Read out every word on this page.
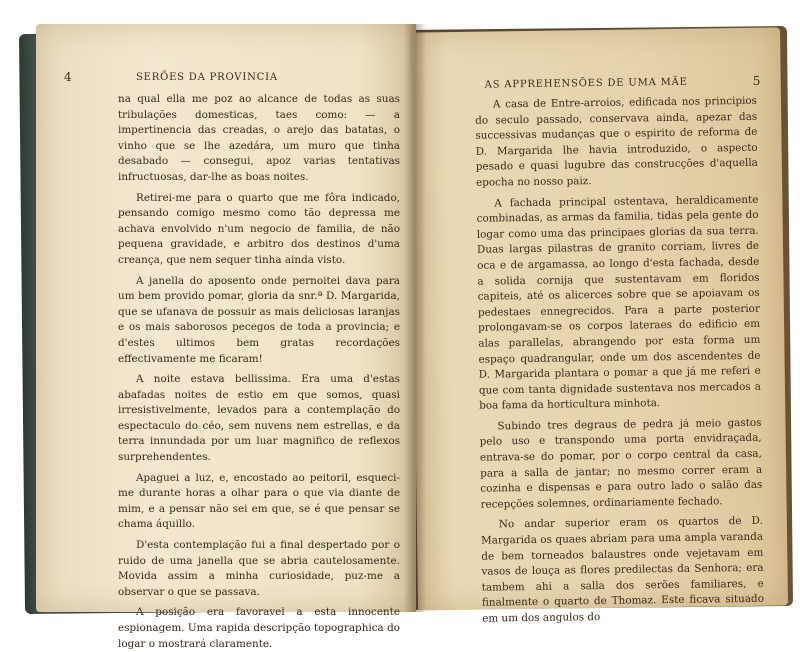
4	SERÕES DA PROVINCIA

na qual ella me poz ao alcance de todas as suas tribulações domesticas, taes como: — a impertinencia das creadas, o arejo das batatas, o vinho que se lhe azedára, um muro que tinha desabado — consegui, apoz varias tentativas infructuosas, dar-lhe as boas noites.

Retirei-me para o quarto que me fôra indicado, pensando comigo mesmo como tão depressa me achava envolvido n'um negocio de familia, de não pequena gravidade, e arbitro dos destinos d'uma creança, que nem sequer tinha ainda visto.

A janella do aposento onde pernoitei dava para um bem provido pomar, gloria da snr.ª D. Margarida, que se ufanava de possuir as mais deliciosas laranjas e os mais saborosos pecegos de toda a provincia; e d'estes ultimos bem gratas recordações effectivamente me ficaram!

A noite estava bellissima. Era uma d'estas abafadas noites de estio em que somos, quasi irresistivelmente, levados para a contemplação do espectaculo do céo, sem nuvens nem estrellas, e da terra innundada por um luar magnifico de reflexos surprehendentes.

Apaguei a luz, e, encostado ao peitoril, esqueci-me durante horas a olhar para o que via diante de mim, e a pensar não sei em que, se é que pensar se chama áquillo.

D'esta contemplação fui a final despertado por o ruido de uma janella que se abria cautelosamente. Movida assim a minha curiosidade, puz-me a observar o que se passava.

A posição era favoravel a esta innocente espionagem. Uma rapida descripção topographica do logar o mostrará claramente.

AS APPREHENSÕES DE UMA MÃE	5

A casa de Entre-arroios, edificada nos principios do seculo passado, conservava ainda, apezar das successivas mudanças que o espirito de reforma de D. Margarida lhe havia introduzido, o aspecto pesado e quasi lugubre das construcções d'aquella epocha no nosso paiz.

A fachada principal ostentava, heraldicamente combinadas, as armas da familia, tidas pela gente do logar como uma das principaes glorias da sua terra. Duas largas pilastras de granito corriam, livres de oca e de argamassa, ao longo d'esta fachada, desde a solida cornija que sustentavam em floridos capiteis, até os alicerces sobre que se apoiavam os pedestaes ennegrecidos. Para a parte posterior prolongavam-se os corpos lateraes do edificio em alas parallelas, abrangendo por esta forma um espaço quadrangular, onde um dos ascendentes de D. Margarida plantara o pomar a que já me referi e que com tanta dignidade sustentava nos mercados a boa fama da horticultura minhota.

Subindo tres degraus de pedra já meio gastos pelo uso e transpondo uma porta envidraçada, entrava-se do pomar, por o corpo central da casa, para a salla de jantar; no mesmo correr eram a cozinha e dispensas e para outro lado o salão das recepções solemnes, ordinariamente fechado.

No andar superior eram os quartos de D. Margarida os quaes abriam para uma ampla varanda de bem torneados balaustres onde vejetavam em vasos de louça as flores predilectas da Senhora; era tambem ahi a salla dos serões familiares, e finalmente o quarto de Thomaz. Este ficava situado em um dos angulos do
